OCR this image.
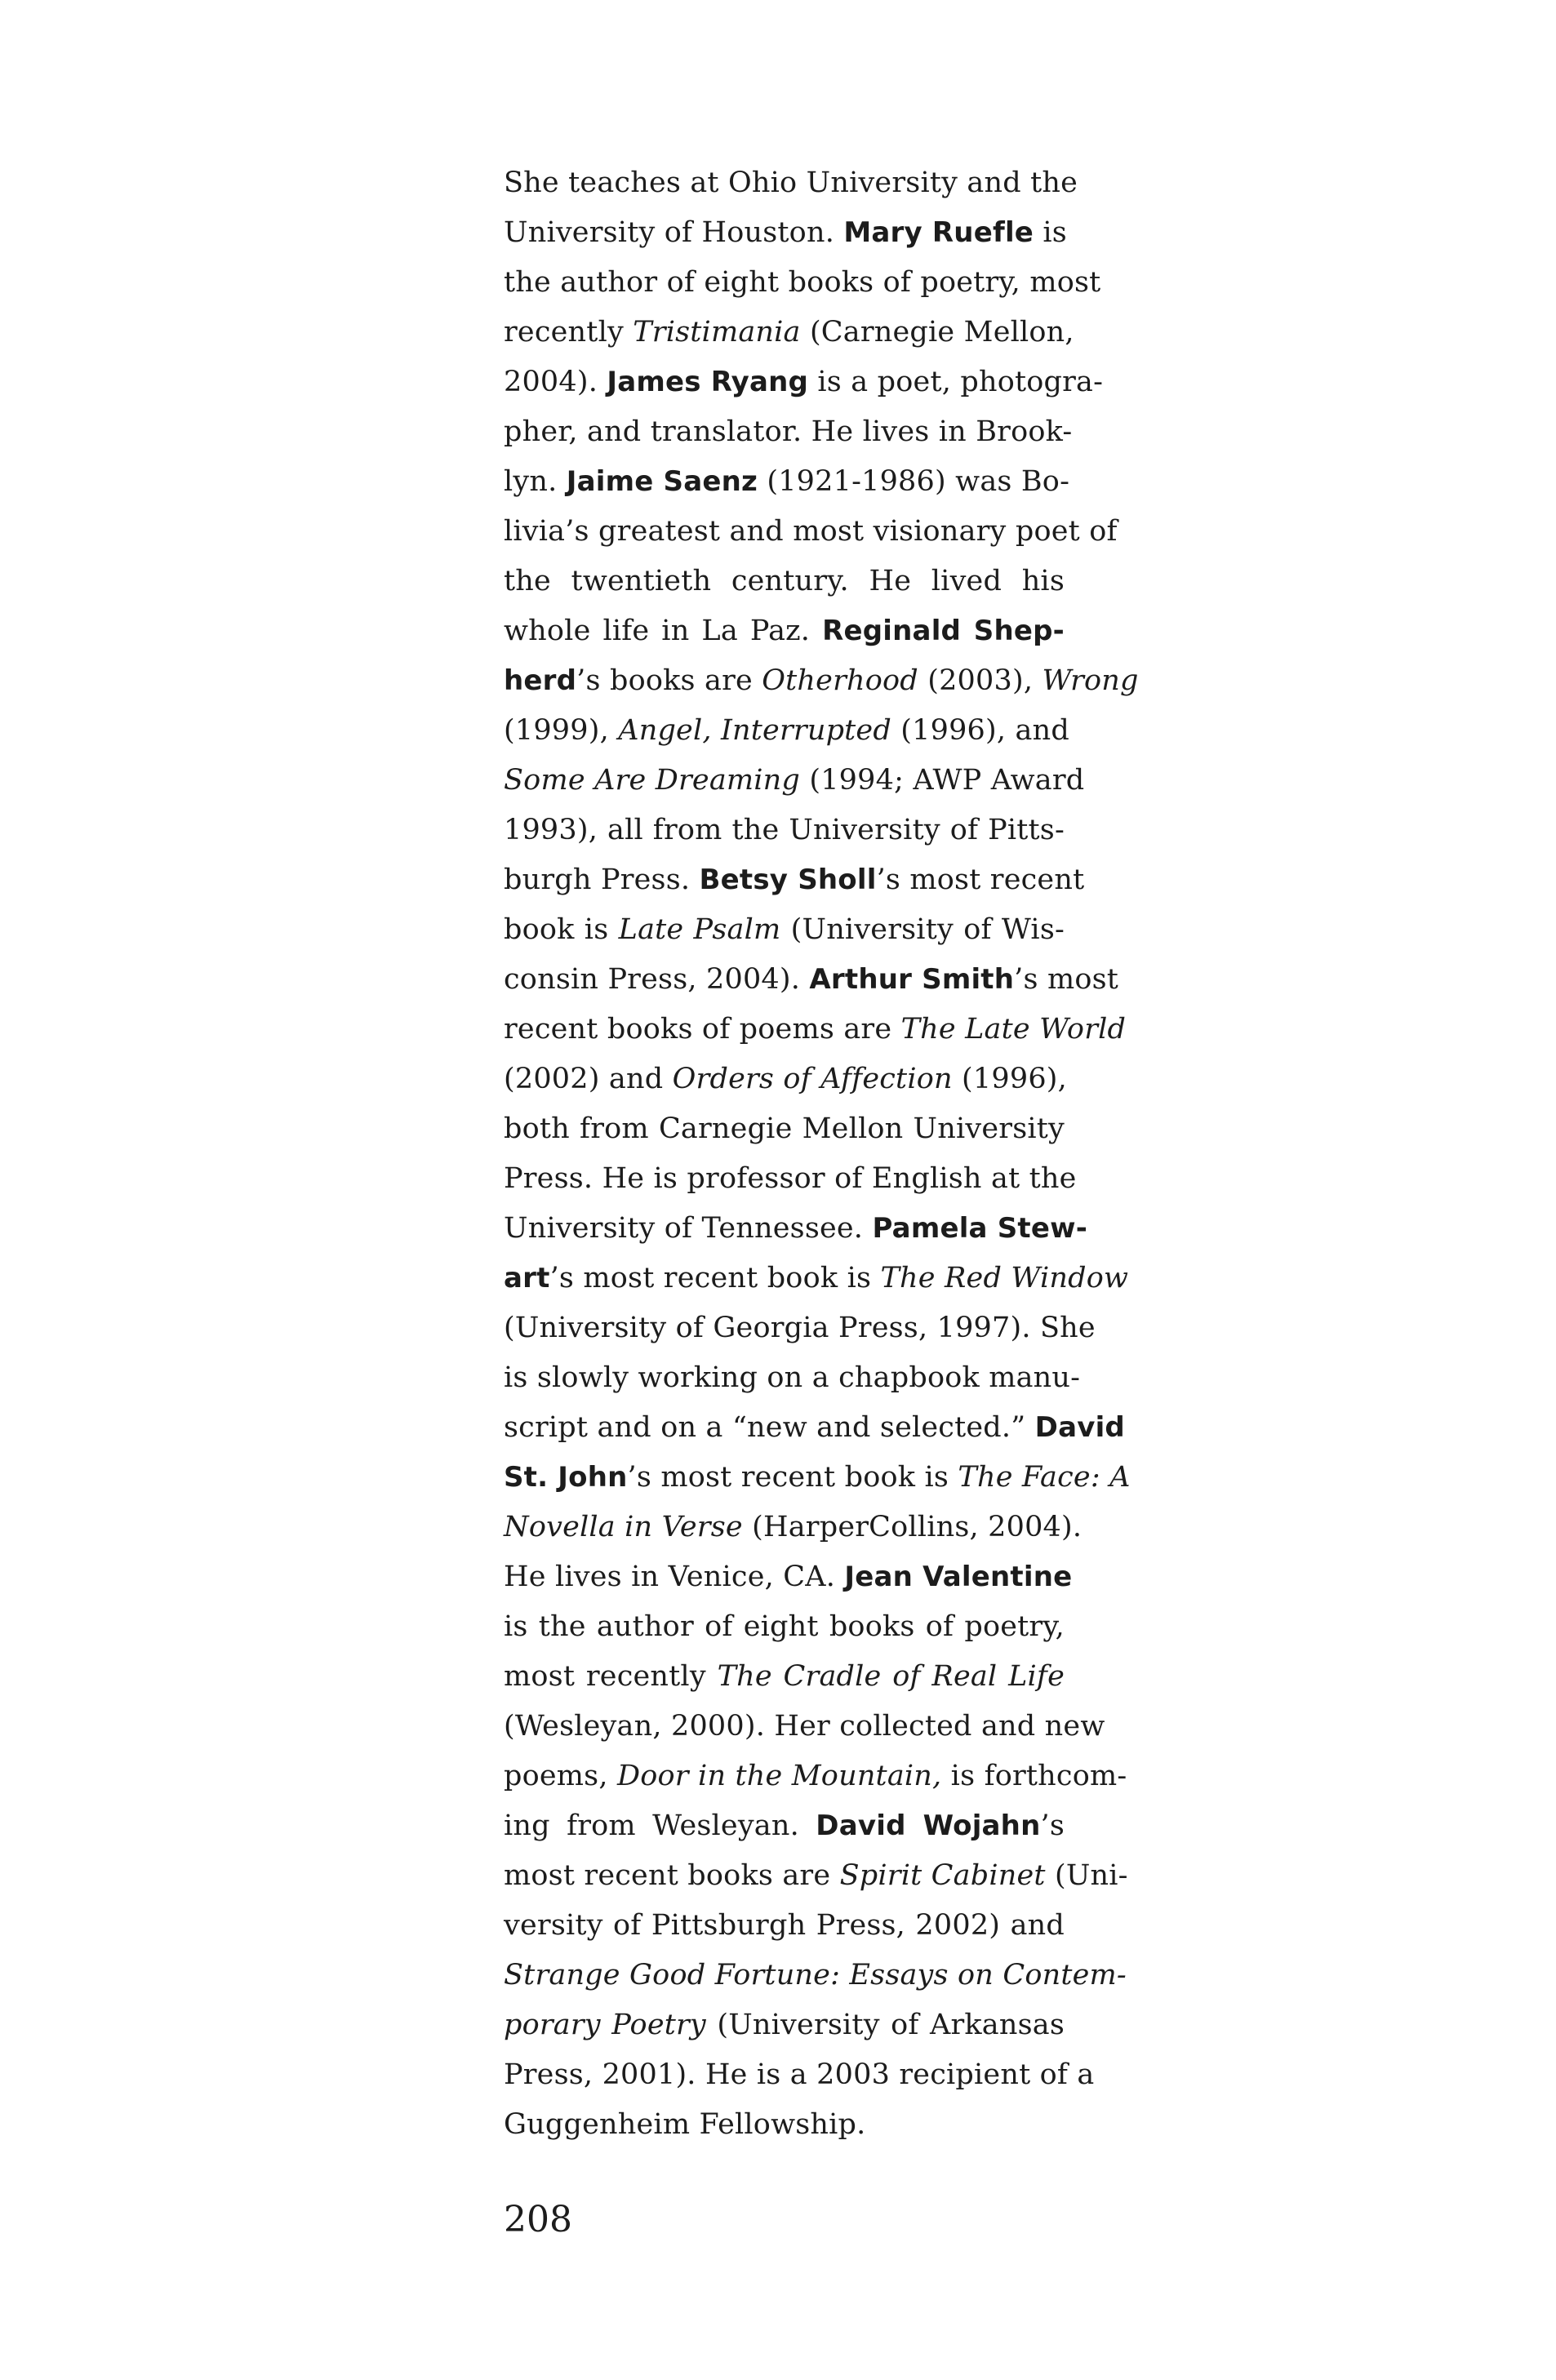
She teaches at Ohio University and the
University of Houston. Mary Ruefle is
the author of eight books of poetry, most
recently Tristimania (Carnegie Mellon,
2004). James Ryang is a poet, photogra-
pher, and translator. He lives in Brook-
lyn. Jaime Saenz (1921-1986) was Bo-
livia’s greatest and most visionary poet of
the twentieth century. He lived his
whole life in La Paz. Reginald Shep-
herd’s books are Otherhood (2003), Wrong
(1999), Angel, Interrupted (1996), and
Some Are Dreaming (1994; AWP Award
1993), all from the University of Pitts-
burgh Press. Betsy Sholl’s most recent
book is Late Psalm (University of Wis-
consin Press, 2004). Arthur Smith’s most
recent books of poems are The Late World
(2002) and Orders of Affection (1996),
both from Carnegie Mellon University
Press. He is professor of English at the
University of Tennessee. Pamela Stew-
art’s most recent book is The Red Window
(University of Georgia Press, 1997). She
is slowly working on a chapbook manu-
script and on a “new and selected.” David
St. John’s most recent book is The Face: A
Novella in Verse (HarperCollins, 2004).
He lives in Venice, CA. Jean Valentine
is the author of eight books of poetry,
most recently The Cradle of Real Life
(Wesleyan, 2000). Her collected and new
poems, Door in the Mountain, is forthcom-
ing from Wesleyan. David Wojahn’s
most recent books are Spirit Cabinet (Uni-
versity of Pittsburgh Press, 2002) and
Strange Good Fortune: Essays on Contem-
porary Poetry (University of Arkansas
Press, 2001). He is a 2003 recipient of a
Guggenheim Fellowship.
208
